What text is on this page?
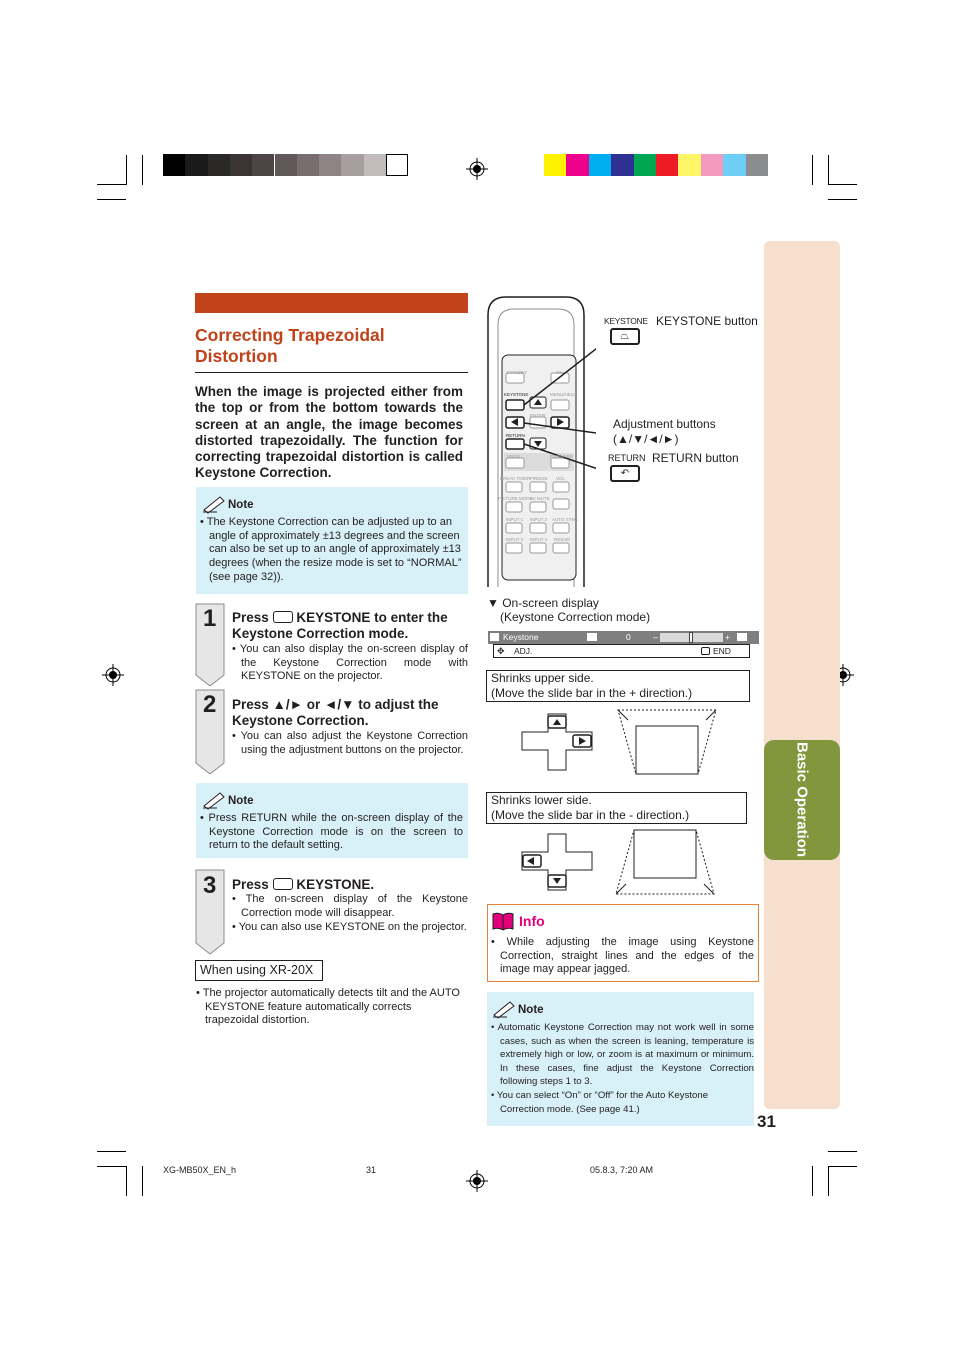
Basic Operation
31
Correcting Trapezoidal Distortion
When the image is projected either from the top or from the bottom towards the screen at an angle, the image becomes distorted trapezoidally. The function for correcting trapezoidal distortion is called Keystone Correction.
Note
• The Keystone Correction can be adjusted up to an angle of approximately ±13 degrees and the screen can also be set up to an angle of approximately ±13 degrees (when the resize mode is set to “NORMAL” (see page 32)).
1 Press KEYSTONE to enter the Keystone Correction mode.
• You can also display the on-screen display of the Keystone Correction mode with KEYSTONE on the projector.
2 Press ▲/► or ◄/▼ to adjust the Keystone Correction.
• You can also adjust the Keystone Correction using the adjustment buttons on the projector.
Note
• Press RETURN while the on-screen display of the Keystone Correction mode is on the screen to return to the default setting.
3 Press KEYSTONE.
• The on-screen display of the Keystone Correction mode will disappear.
• You can also use KEYSTONE on the projector.
When using XR-20X
• The projector automatically detects tilt and the AUTO KEYSTONE feature automatically corrects trapezoidal distortion.
STANDBY	ON
KEYSTONE	MENU/HELP
ENTER
RETURN
UNDO	FORWARD
BREAK TIMER FREEZE VOL
PICTURE MODE
AV MUTE
INPUT 1 INPUT 2 AUTO SYNC
INPUT 3 INPUT 4 RESIZE
KEYSTONE
⏢
KEYSTONE button
Adjustment buttons
(▲/▼/◄/►)
RETURN
↶
RETURN button
▼ On-screen display
(Keystone Correction mode)
Keystone	0	–	+
✥ ADJ.	END
Shrinks upper side.
(Move the slide bar in the + direction.)
Shrinks lower side.
(Move the slide bar in the - direction.)
Info
• While adjusting the image using Keystone Correction, straight lines and the edges of the image may appear jagged.
Note
• Automatic Keystone Correction may not work well in some cases, such as when the screen is leaning, temperature is extremely high or low, or zoom is at maximum or minimum. In these cases, fine adjust the Keystone Correction following steps 1 to 3.
• You can select “On” or “Off” for the Auto Keystone Correction mode. (See page 41.)
XG-MB50X_EN_h	31	05.8.3, 7:20 AM
